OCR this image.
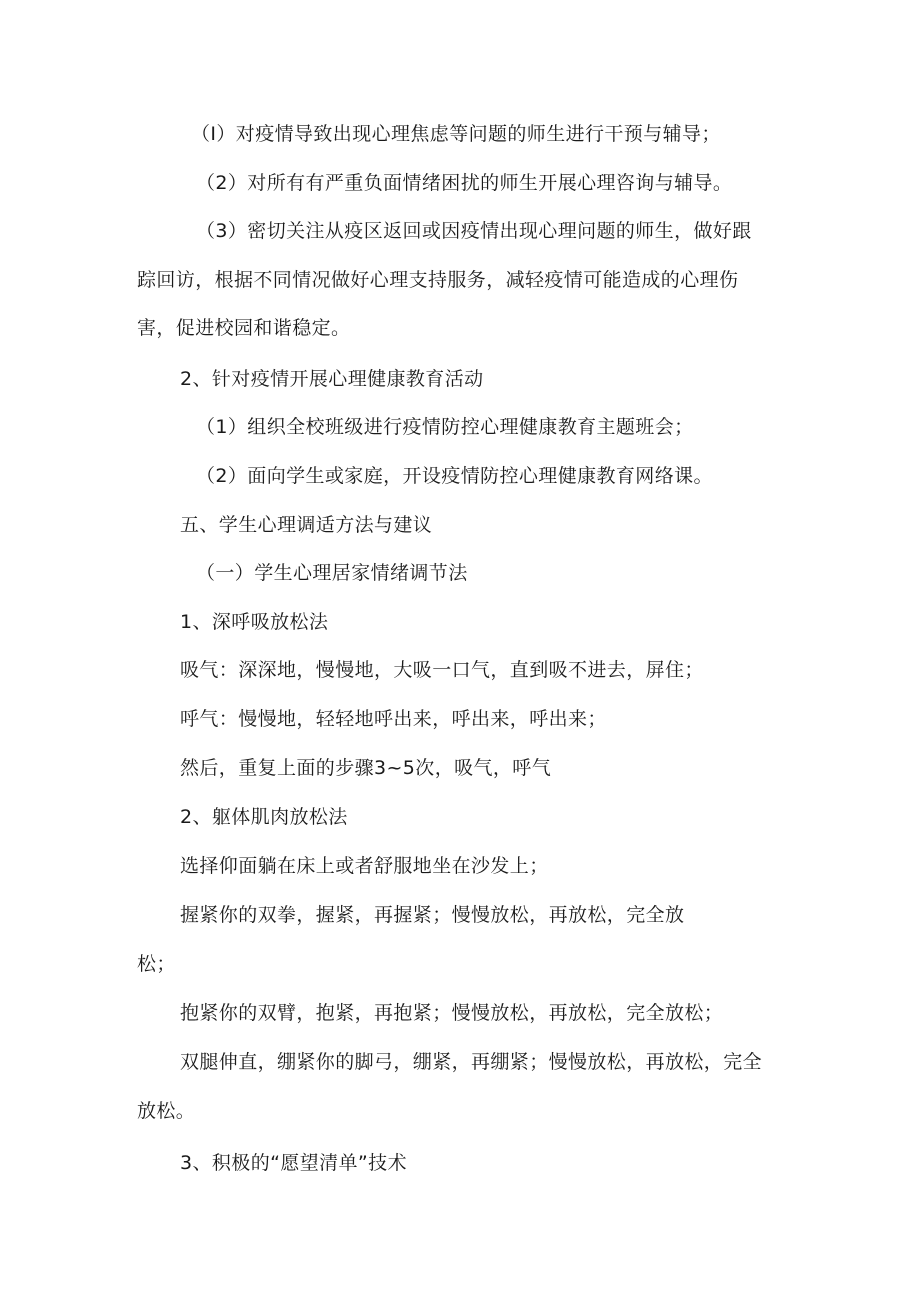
（I）对疫情导致出现心理焦虑等问题的师生进行干预与辅导；
（2）对所有有严重负面情绪困扰的师生开展心理咨询与辅导。
（3）密切关注从疫区返回或因疫情出现心理问题的师生，做好跟
踪回访，根据不同情况做好心理支持服务，减轻疫情可能造成的心理伤
害，促进校园和谐稳定。
2、针对疫情开展心理健康教育活动
（1）组织全校班级进行疫情防控心理健康教育主题班会；
（2）面向学生或家庭，开设疫情防控心理健康教育网络课。
五、学生心理调适方法与建议
（一）学生心理居家情绪调节法
1、深呼吸放松法
吸气：深深地，慢慢地，大吸一口气，直到吸不进去，屏住；
呼气：慢慢地，轻轻地呼出来，呼出来，呼出来；
然后，重复上面的步骤3~5次，吸气，呼气
2、躯体肌肉放松法
选择仰面躺在床上或者舒服地坐在沙发上；
握紧你的双拳，握紧，再握紧；慢慢放松，再放松，完全放
松；
抱紧你的双臂，抱紧，再抱紧；慢慢放松，再放松，完全放松；
双腿伸直，绷紧你的脚弓，绷紧，再绷紧；慢慢放松，再放松，完全
放松。
3、积极的“愿望清单”技术
